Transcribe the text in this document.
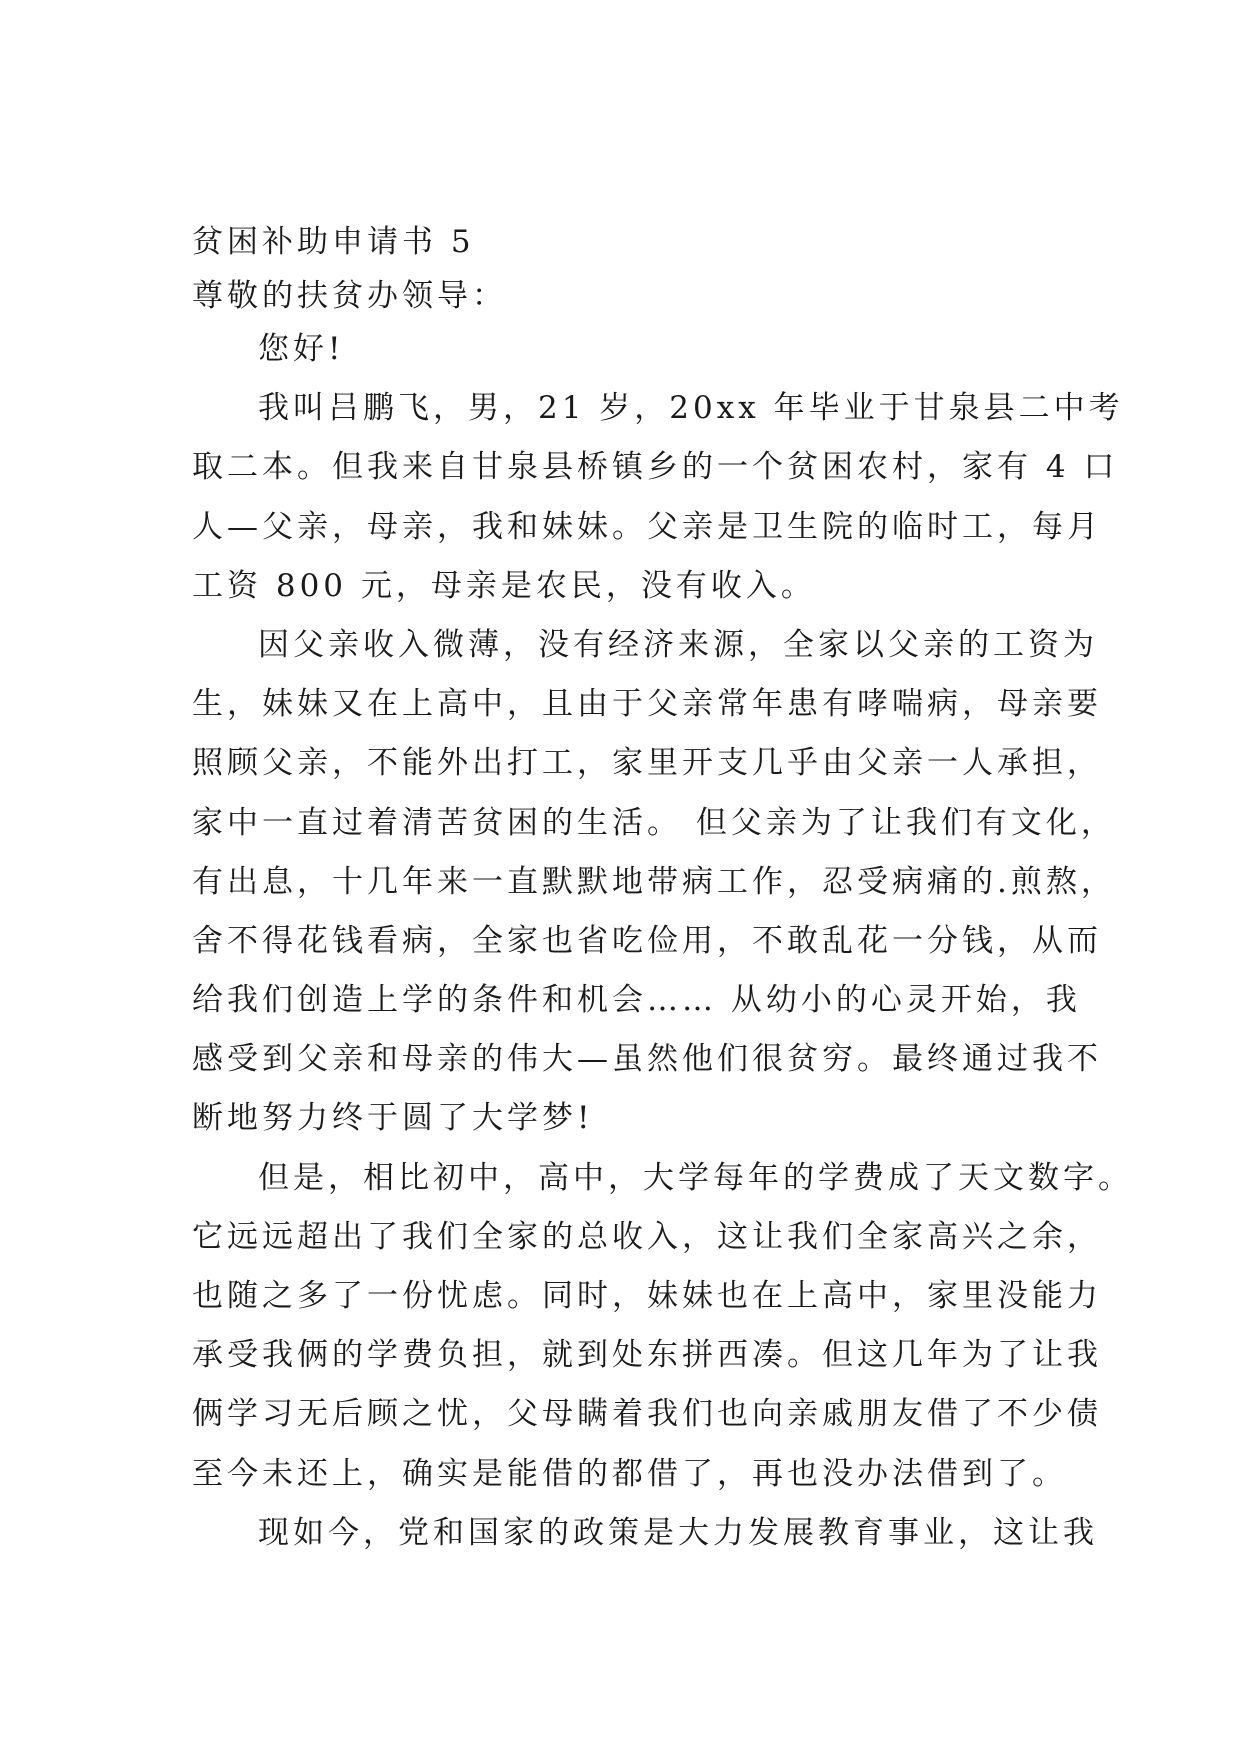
贫困补助申请书 5

尊敬的扶贫办领导：

您好!

我叫吕鹏飞，男，21 岁，20xx 年毕业于甘泉县二中考
取二本。但我来自甘泉县桥镇乡的一个贫困农村，家有 4 口
人—父亲，母亲，我和妹妹。父亲是卫生院的临时工，每月
工资 800 元，母亲是农民，没有收入。
因父亲收入微薄，没有经济来源，全家以父亲的工资为
生，妹妹又在上高中，且由于父亲常年患有哮喘病，母亲要
照顾父亲，不能外出打工，家里开支几乎由父亲一人承担，
家中一直过着清苦贫困的生活。 但父亲为了让我们有文化，
有出息，十几年来一直默默地带病工作，忍受病痛的.煎熬，
舍不得花钱看病，全家也省吃俭用，不敢乱花一分钱，从而
给我们创造上学的条件和机会…… 从幼小的心灵开始，我
感受到父亲和母亲的伟大—虽然他们很贫穷。最终通过我不
断地努力终于圆了大学梦!
但是，相比初中，高中，大学每年的学费成了天文数字。
它远远超出了我们全家的总收入，这让我们全家高兴之余，
也随之多了一份忧虑。同时，妹妹也在上高中，家里没能力
承受我俩的学费负担，就到处东拼西凑。但这几年为了让我
俩学习无后顾之忧，父母瞒着我们也向亲戚朋友借了不少债
至今未还上，确实是能借的都借了，再也没办法借到了。
现如今，党和国家的政策是大力发展教育事业，这让我
